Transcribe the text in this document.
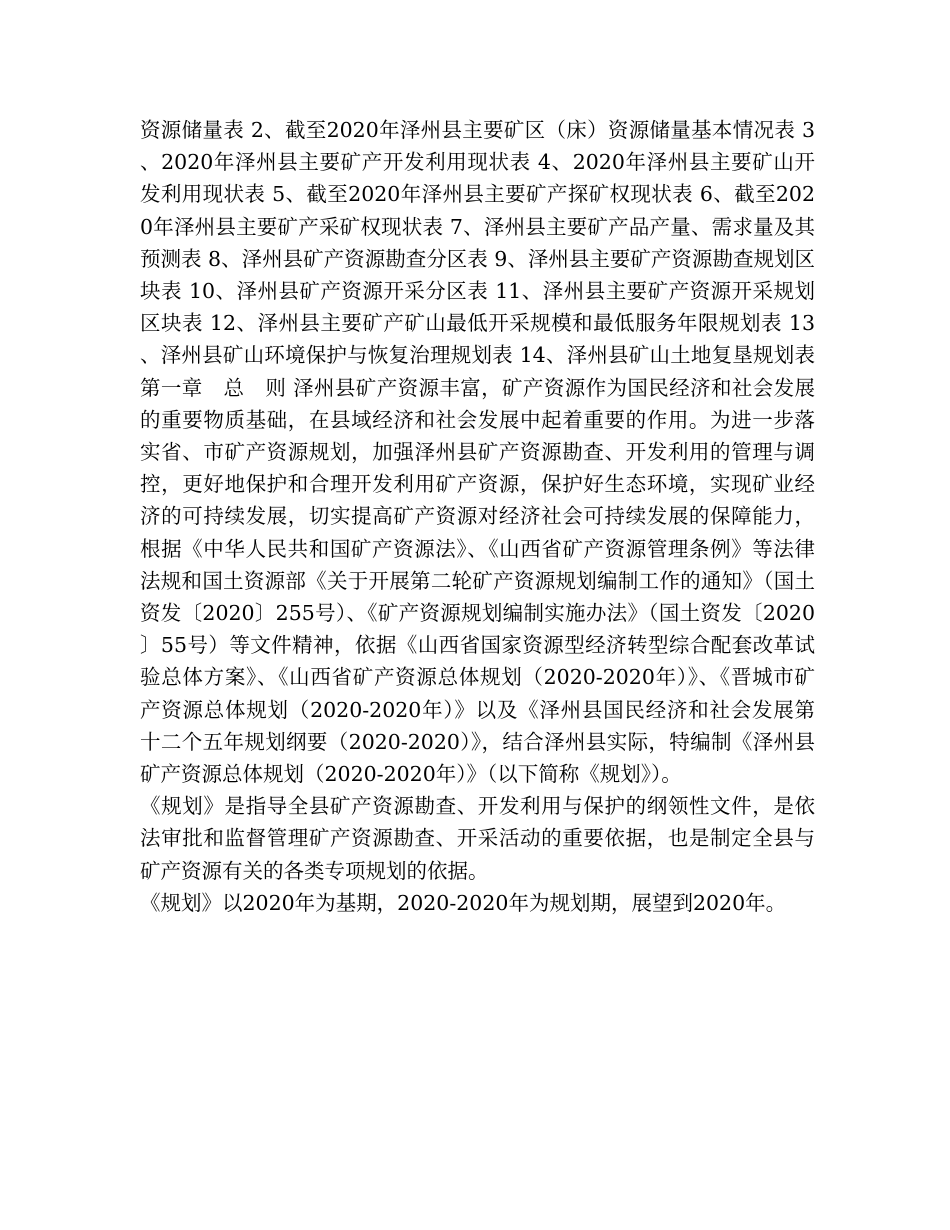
资源储量表 2、截至2020年泽州县主要矿区（床）资源储量基本情况表 3、2020年泽州县主要矿产开发利用现状表 4、2020年泽州县主要矿山开发利用现状表 5、截至2020年泽州县主要矿产探矿权现状表 6、截至2020年泽州县主要矿产采矿权现状表 7、泽州县主要矿产品产量、需求量及其预测表 8、泽州县矿产资源勘查分区表 9、泽州县主要矿产资源勘查规划区块表 10、泽州县矿产资源开采分区表 11、泽州县主要矿产资源开采规划区块表 12、泽州县主要矿产矿山最低开采规模和最低服务年限规划表 13、泽州县矿山环境保护与恢复治理规划表 14、泽州县矿山土地复垦规划表　　第一章　总　则 泽州县矿产资源丰富，矿产资源作为国民经济和社会发展的重要物质基础，在县域经济和社会发展中起着重要的作用。为进一步落实省、市矿产资源规划，加强泽州县矿产资源勘查、开发利用的管理与调控，更好地保护和合理开发利用矿产资源，保护好生态环境，实现矿业经济的可持续发展，切实提高矿产资源对经济社会可持续发展的保障能力，根据《中华人民共和国矿产资源法》、《山西省矿产资源管理条例》等法律法规和国土资源部《关于开展第二轮矿产资源规划编制工作的通知》（国土资发〔2020〕255号）、《矿产资源规划编制实施办法》（国土资发〔2020〕55号）等文件精神，依据《山西省国家资源型经济转型综合配套改革试验总体方案》、《山西省矿产资源总体规划（2020-2020年）》、《晋城市矿产资源总体规划（2020-2020年）》以及《泽州县国民经济和社会发展第十二个五年规划纲要（2020-2020）》，结合泽州县实际，特编制《泽州县矿产资源总体规划（2020-2020年）》（以下简称《规划》）。

《规划》是指导全县矿产资源勘查、开发利用与保护的纲领性文件，是依法审批和监督管理矿产资源勘查、开采活动的重要依据，也是制定全县与矿产资源有关的各类专项规划的依据。

《规划》以2020年为基期，2020-2020年为规划期，展望到2020年。
